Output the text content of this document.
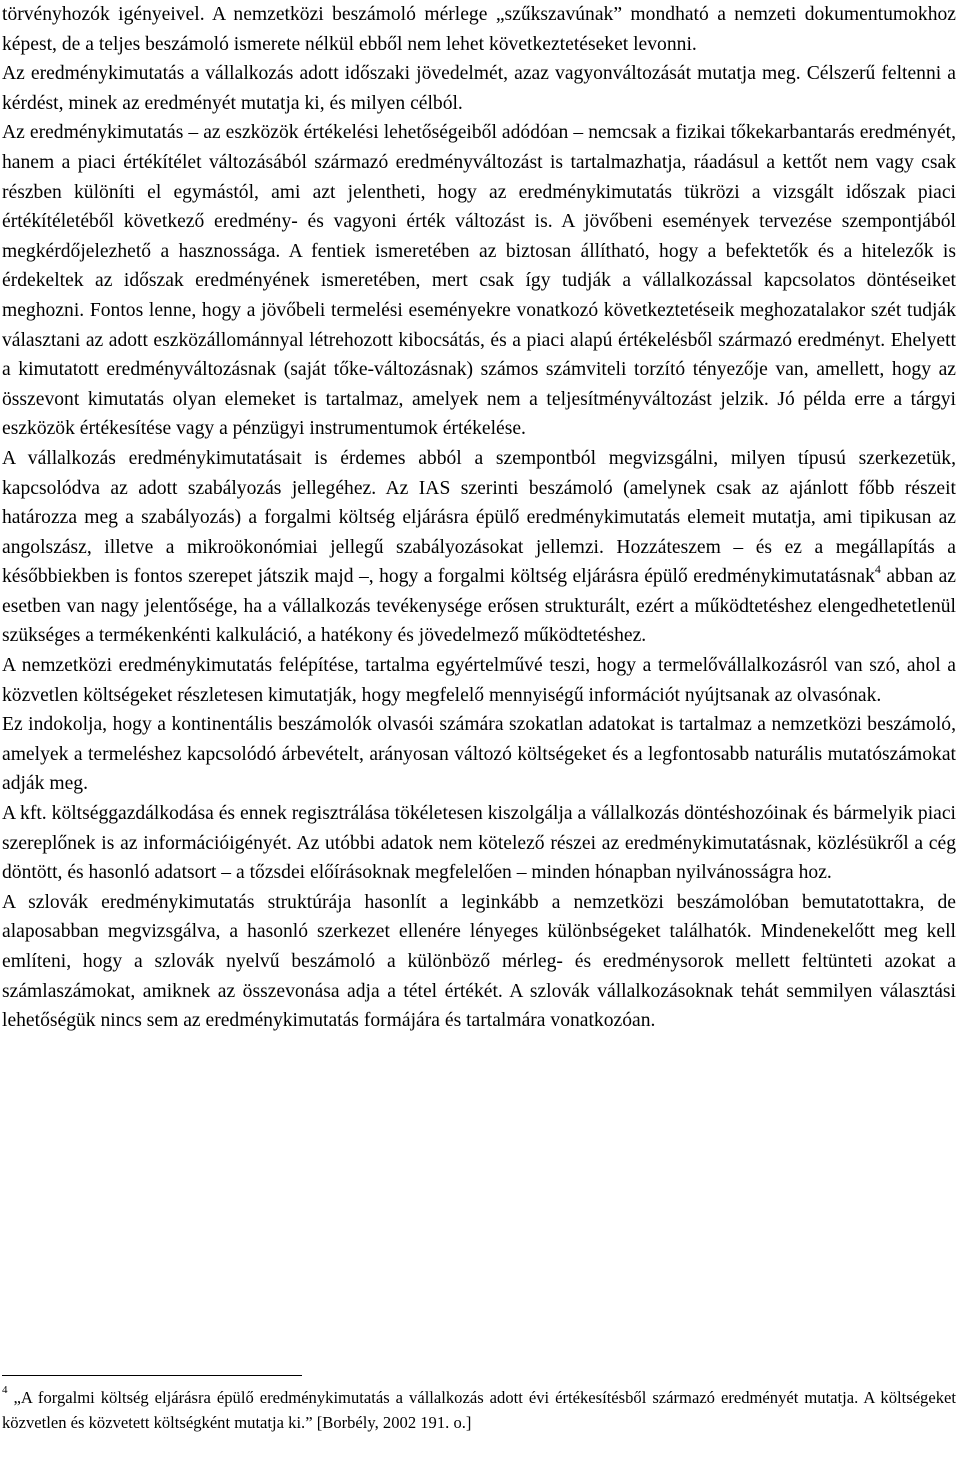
törvényhozók igényeivel. A nemzetközi beszámoló mérlege „szűkszavúnak” mondható a nemzeti dokumentumokhoz képest, de a teljes beszámoló ismerete nélkül ebből nem lehet következtetéseket levonni.

Az eredménykimutatás a vállalkozás adott időszaki jövedelmét, azaz vagyonváltozását mutatja meg. Célszerű feltenni a kérdést, minek az eredményét mutatja ki, és milyen célból.

Az eredménykimutatás – az eszközök értékelési lehetőségeiből adódóan – nemcsak a fizikai tőkekarbantarás eredményét, hanem a piaci értékítélet változásából származó eredményváltozást is tartalmazhatja, ráadásul a kettőt nem vagy csak részben különíti el egymástól, ami azt jelentheti, hogy az eredménykimutatás tükrözi a vizsgált időszak piaci értékítéletéből következő eredmény- és vagyoni érték változást is. A jövőbeni események tervezése szempontjából megkérdőjelezhető a hasznossága. A fentiek ismeretében az biztosan állítható, hogy a befektetők és a hitelezők is érdekeltek az időszak eredményének ismeretében, mert csak így tudják a vállalkozással kapcsolatos döntéseiket meghozni. Fontos lenne, hogy a jövőbeli termelési eseményekre vonatkozó következtetéseik meghozatalakor szét tudják választani az adott eszközállománnyal létrehozott kibocsátás, és a piaci alapú értékelésből származó eredményt. Ehelyett a kimutatott eredményváltozásnak (saját tőke-változásnak) számos számviteli torzító tényezője van, amellett, hogy az összevont kimutatás olyan elemeket is tartalmaz, amelyek nem a teljesítményváltozást jelzik. Jó példa erre a tárgyi eszközök értékesítése vagy a pénzügyi instrumentumok értékelése.

A vállalkozás eredménykimutatásait is érdemes abból a szempontból megvizsgálni, milyen típusú szerkezetük, kapcsolódva az adott szabályozás jellegéhez. Az IAS szerinti beszámoló (amelynek csak az ajánlott főbb részeit határozza meg a szabályozás) a forgalmi költség eljárásra épülő eredménykimutatás elemeit mutatja, ami tipikusan az angolszász, illetve a mikroökonómiai jellegű szabályozásokat jellemzi. Hozzáteszem – és ez a megállapítás a későbbiekben is fontos szerepet játszik majd –, hogy a forgalmi költség eljárásra épülő eredménykimutatásnak$^4$ abban az esetben van nagy jelentősége, ha a vállalkozás tevékenysége erősen strukturált, ezért a működtetéshez elengedhetetlenül szükséges a termékenkénti kalkuláció, a hatékony és jövedelmező működtetéshez.

A nemzetközi eredménykimutatás felépítése, tartalma egyértelművé teszi, hogy a termelővállalkozásról van szó, ahol a közvetlen költségeket részletesen kimutatják, hogy megfelelő mennyiségű információt nyújtsanak az olvasónak.

Ez indokolja, hogy a kontinentális beszámolók olvasói számára szokatlan adatokat is tartalmaz a nemzetközi beszámoló, amelyek a termeléshez kapcsolódó árbevételt, arányosan változó költségeket és a legfontosabb naturális mutatószámokat adják meg.

A kft. költséggazdálkodása és ennek regisztrálása tökéletesen kiszolgálja a vállalkozás döntéshozóinak és bármelyik piaci szereplőnek is az információigényét. Az utóbbi adatok nem kötelező részei az eredménykimutatásnak, közlésükről a cég döntött, és hasonló adatsort – a tőzsdei előírásoknak megfelelően – minden hónapban nyilvánosságra hoz.

A szlovák eredménykimutatás struktúrája hasonlít a leginkább a nemzetközi beszámolóban bemutatottakra, de alaposabban megvizsgálva, a hasonló szerkezet ellenére lényeges különbségeket találhatók. Mindenekelőtt meg kell említeni, hogy a szlovák nyelvű beszámoló a különböző mérleg- és eredménysorok mellett feltünteti azokat a számlaszámokat, amiknek az összevonása adja a tétel értékét. A szlovák vállalkozásoknak tehát semmilyen választási lehetőségük nincs sem az eredménykimutatás formájára és tartalmára vonatkozóan.

$^4$ „A forgalmi költség eljárásra épülő eredménykimutatás a vállalkozás adott évi értékesítésből származó eredményét mutatja. A költségeket közvetlen és közvetett költségként mutatja ki.” [Borbély, 2002 191. o.]
